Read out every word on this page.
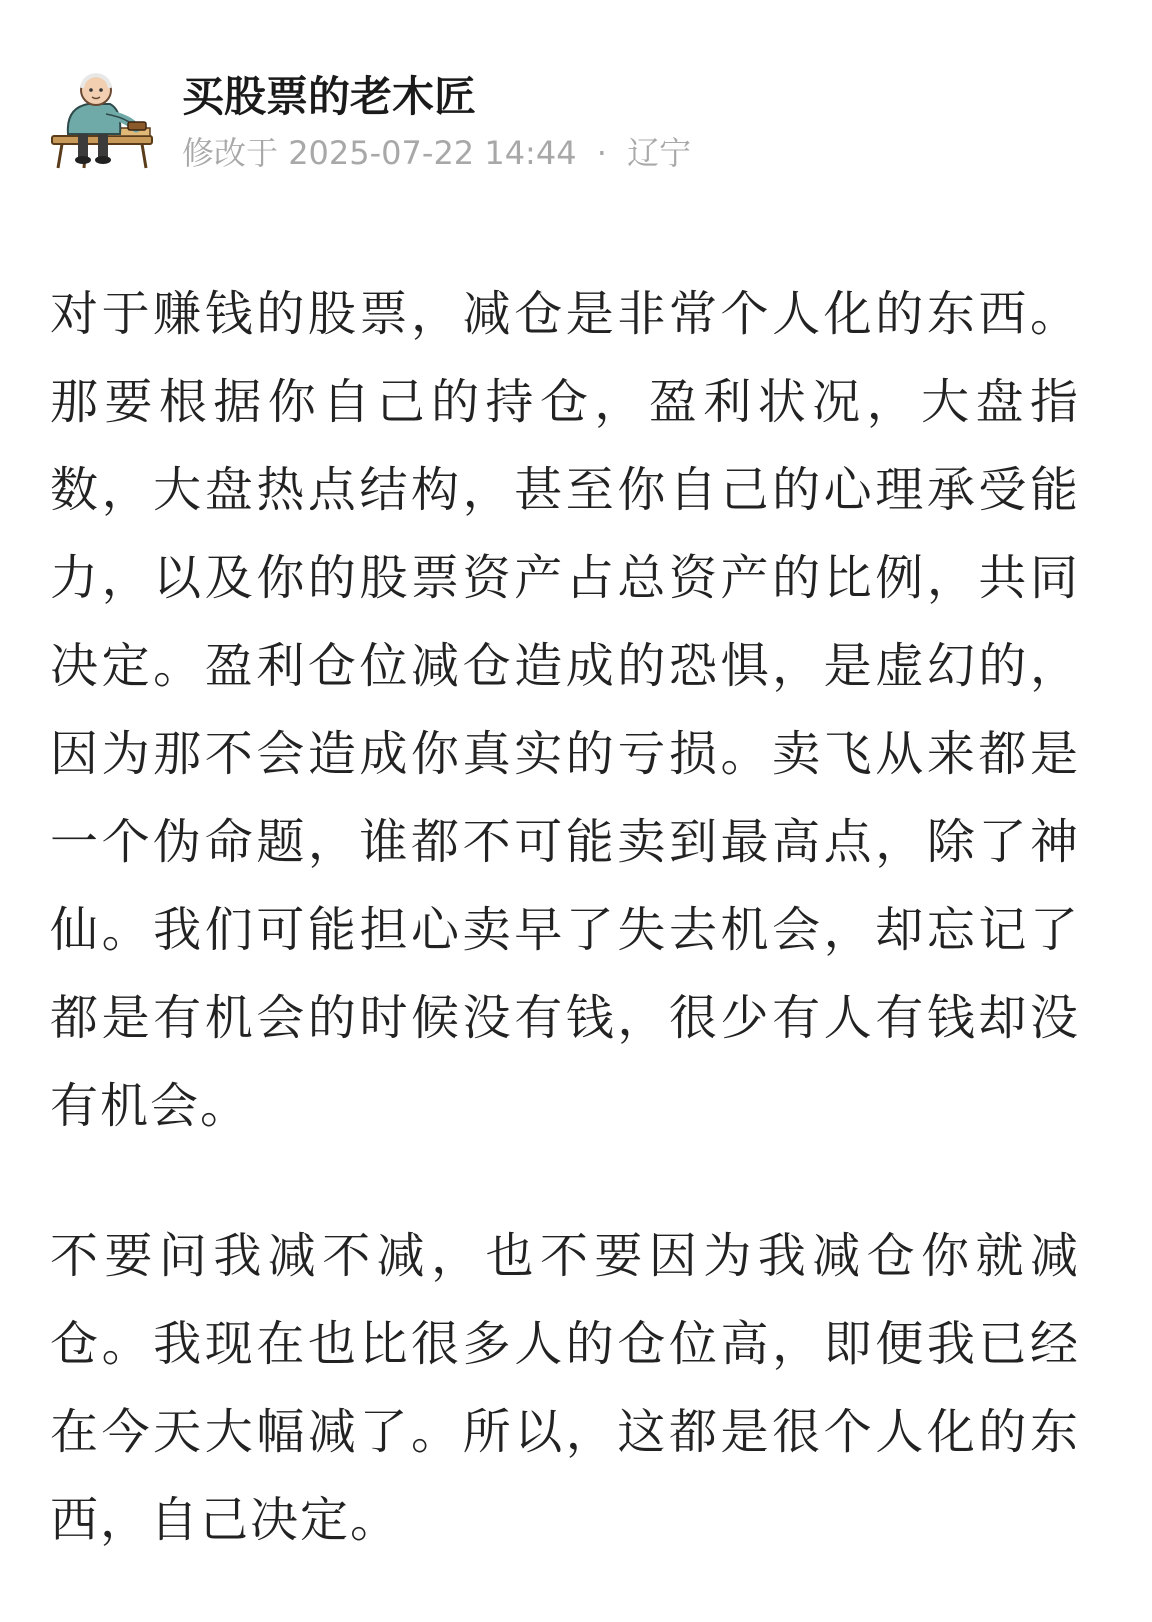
买股票的老木匠
修改于 2025-07-22 14:44 · 辽宁

对于赚钱的股票，减仓是非常个人化的东西。那要根据你自己的持仓，盈利状况，大盘指数，大盘热点结构，甚至你自己的心理承受能力，以及你的股票资产占总资产的比例，共同决定。盈利仓位减仓造成的恐惧，是虚幻的，因为那不会造成你真实的亏损。卖飞从来都是一个伪命题，谁都不可能卖到最高点，除了神仙。我们可能担心卖早了失去机会，却忘记了都是有机会的时候没有钱，很少有人有钱却没有机会。

不要问我减不减，也不要因为我减仓你就减仓。我现在也比很多人的仓位高，即便我已经在今天大幅减了。所以，这都是很个人化的东西，自己决定。
